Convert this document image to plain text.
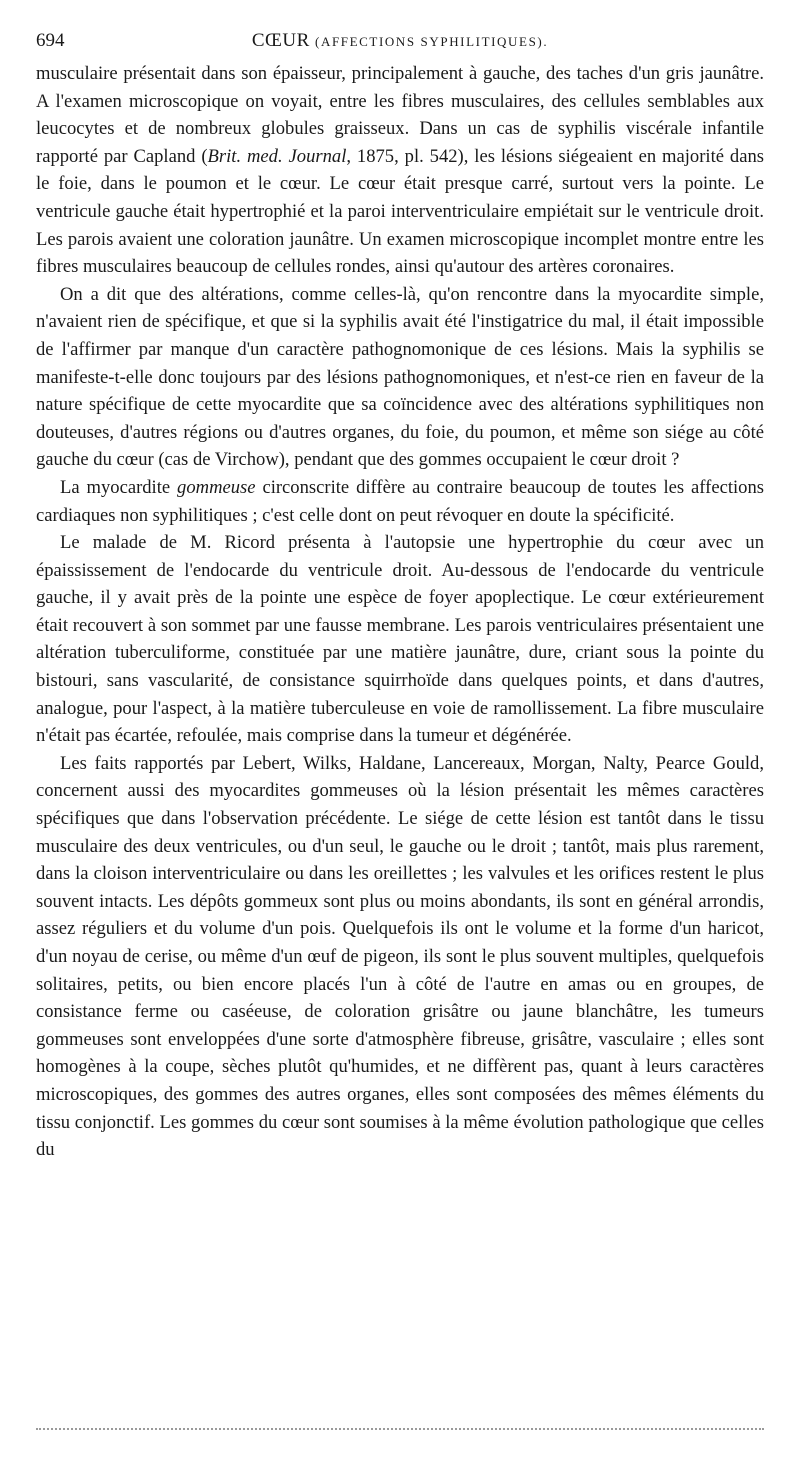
694	CŒUR (AFFECTIONS SYPHILITIQUES).

musculaire présentait dans son épaisseur, principalement à gauche, des taches d'un gris jaunâtre. A l'examen microscopique on voyait, entre les fibres musculaires, des cellules semblables aux leucocytes et de nombreux globules graisseux. Dans un cas de syphilis viscérale infantile rapporté par Capland (Brit. med. Journal, 1875, pl. 542), les lésions siégeaient en majorité dans le foie, dans le poumon et le cœur. Le cœur était presque carré, surtout vers la pointe. Le ventricule gauche était hypertrophié et la paroi interventriculaire empiétait sur le ventricule droit. Les parois avaient une coloration jaunâtre. Un examen microscopique incomplet montre entre les fibres musculaires beaucoup de cellules rondes, ainsi qu'autour des artères coronaires.

On a dit que des altérations, comme celles-là, qu'on rencontre dans la myocardite simple, n'avaient rien de spécifique, et que si la syphilis avait été l'instigatrice du mal, il était impossible de l'affirmer par manque d'un caractère pathognomonique de ces lésions. Mais la syphilis se manifeste-t-elle donc toujours par des lésions pathognomoniques, et n'est-ce rien en faveur de la nature spécifique de cette myocardite que sa coïncidence avec des altérations syphilitiques non douteuses, d'autres régions ou d'autres organes, du foie, du poumon, et même son siége au côté gauche du cœur (cas de Virchow), pendant que des gommes occupaient le cœur droit ?

La myocardite gommeuse circonscrite diffère au contraire beaucoup de toutes les affections cardiaques non syphilitiques ; c'est celle dont on peut révoquer en doute la spécificité.

Le malade de M. Ricord présenta à l'autopsie une hypertrophie du cœur avec un épaississement de l'endocarde du ventricule droit. Au-dessous de l'endocarde du ventricule gauche, il y avait près de la pointe une espèce de foyer apoplectique. Le cœur extérieurement était recouvert à son sommet par une fausse membrane. Les parois ventriculaires présentaient une altération tuberculiforme, constituée par une matière jaunâtre, dure, criant sous la pointe du bistouri, sans vascularité, de consistance squirrhoïde dans quelques points, et dans d'autres, analogue, pour l'aspect, à la matière tuberculeuse en voie de ramollissement. La fibre musculaire n'était pas écartée, refoulée, mais comprise dans la tumeur et dégénérée.

Les faits rapportés par Lebert, Wilks, Haldane, Lancereaux, Morgan, Nalty, Pearce Gould, concernent aussi des myocardites gommeuses où la lésion présentait les mêmes caractères spécifiques que dans l'observation précédente. Le siége de cette lésion est tantôt dans le tissu musculaire des deux ventricules, ou d'un seul, le gauche ou le droit ; tantôt, mais plus rarement, dans la cloison interventriculaire ou dans les oreillettes ; les valvules et les orifices restent le plus souvent intacts. Les dépôts gommeux sont plus ou moins abondants, ils sont en général arrondis, assez réguliers et du volume d'un pois. Quelquefois ils ont le volume et la forme d'un haricot, d'un noyau de cerise, ou même d'un œuf de pigeon, ils sont le plus souvent multiples, quelquefois solitaires, petits, ou bien encore placés l'un à côté de l'autre en amas ou en groupes, de consistance ferme ou caséeuse, de coloration grisâtre ou jaune blanchâtre, les tumeurs gommeuses sont enveloppées d'une sorte d'atmosphère fibreuse, grisâtre, vasculaire ; elles sont homogènes à la coupe, sèches plutôt qu'humides, et ne diffèrent pas, quant à leurs caractères microscopiques, des gommes des autres organes, elles sont composées des mêmes éléments du tissu conjonctif. Les gommes du cœur sont soumises à la même évolution pathologique que celles du
